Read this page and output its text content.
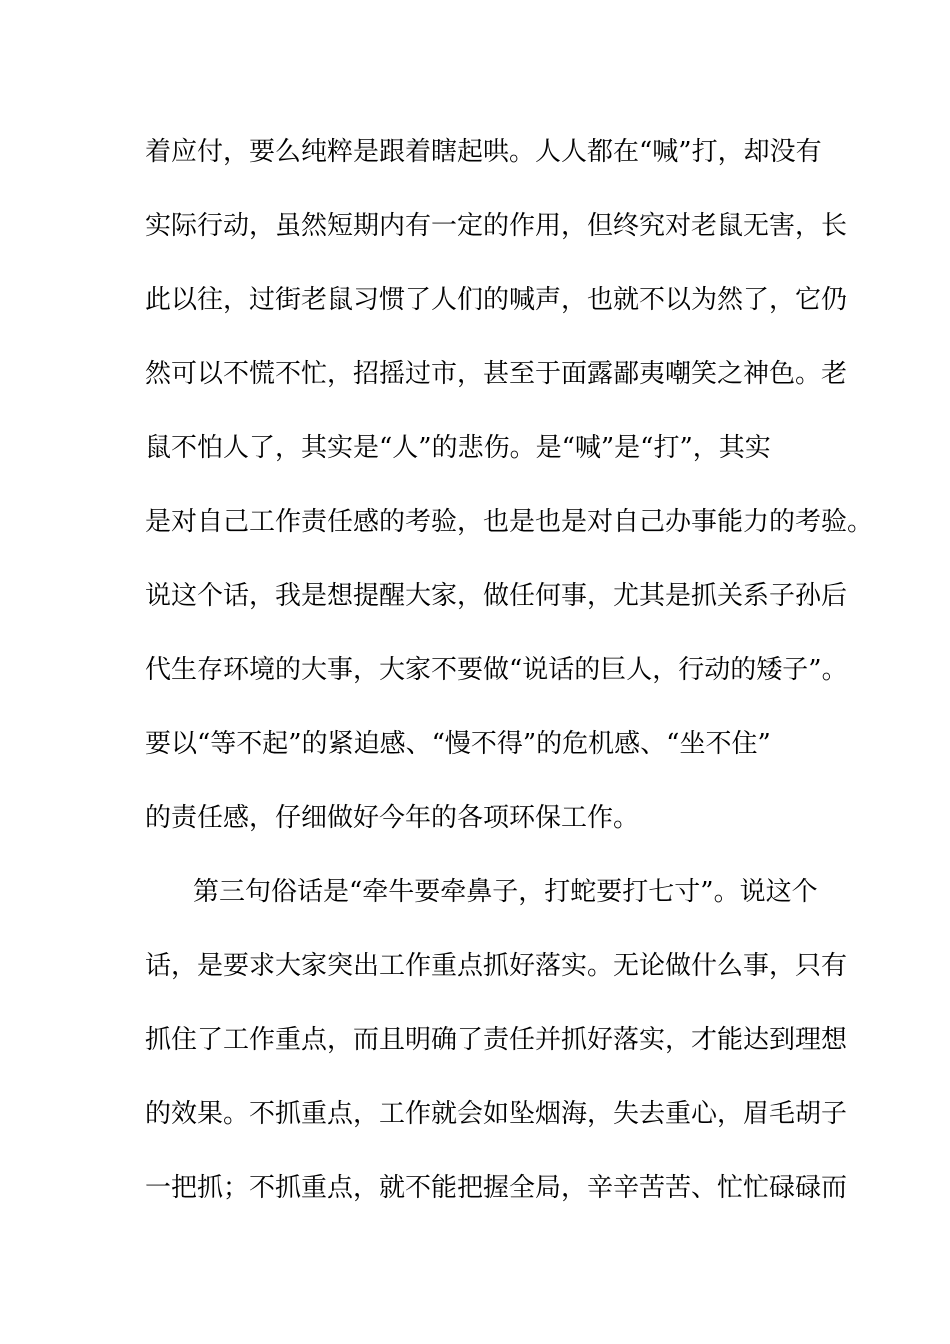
着应付，要么纯粹是跟着瞎起哄。人人都在“喊”打，却没有
实际行动，虽然短期内有一定的作用，但终究对老鼠无害，长
此以往，过街老鼠习惯了人们的喊声，也就不以为然了，它仍
然可以不慌不忙，招摇过市，甚至于面露鄙夷嘲笑之神色。老
鼠不怕人了，其实是“人”的悲伤。是“喊”是“打”，其实
是对自己工作责任感的考验，也是也是对自己办事能力的考验。
说这个话，我是想提醒大家，做任何事，尤其是抓关系子孙后
代生存环境的大事，大家不要做“说话的巨人，行动的矮子”。
要以“等不起”的紧迫感、“慢不得”的危机感、“坐不住”
的责任感，仔细做好今年的各项环保工作。
第三句俗话是“牵牛要牵鼻子，打蛇要打七寸”。说这个
话，是要求大家突出工作重点抓好落实。无论做什么事，只有
抓住了工作重点，而且明确了责任并抓好落实，才能达到理想
的效果。不抓重点，工作就会如坠烟海，失去重心，眉毛胡子
一把抓；不抓重点，就不能把握全局，辛辛苦苦、忙忙碌碌而
